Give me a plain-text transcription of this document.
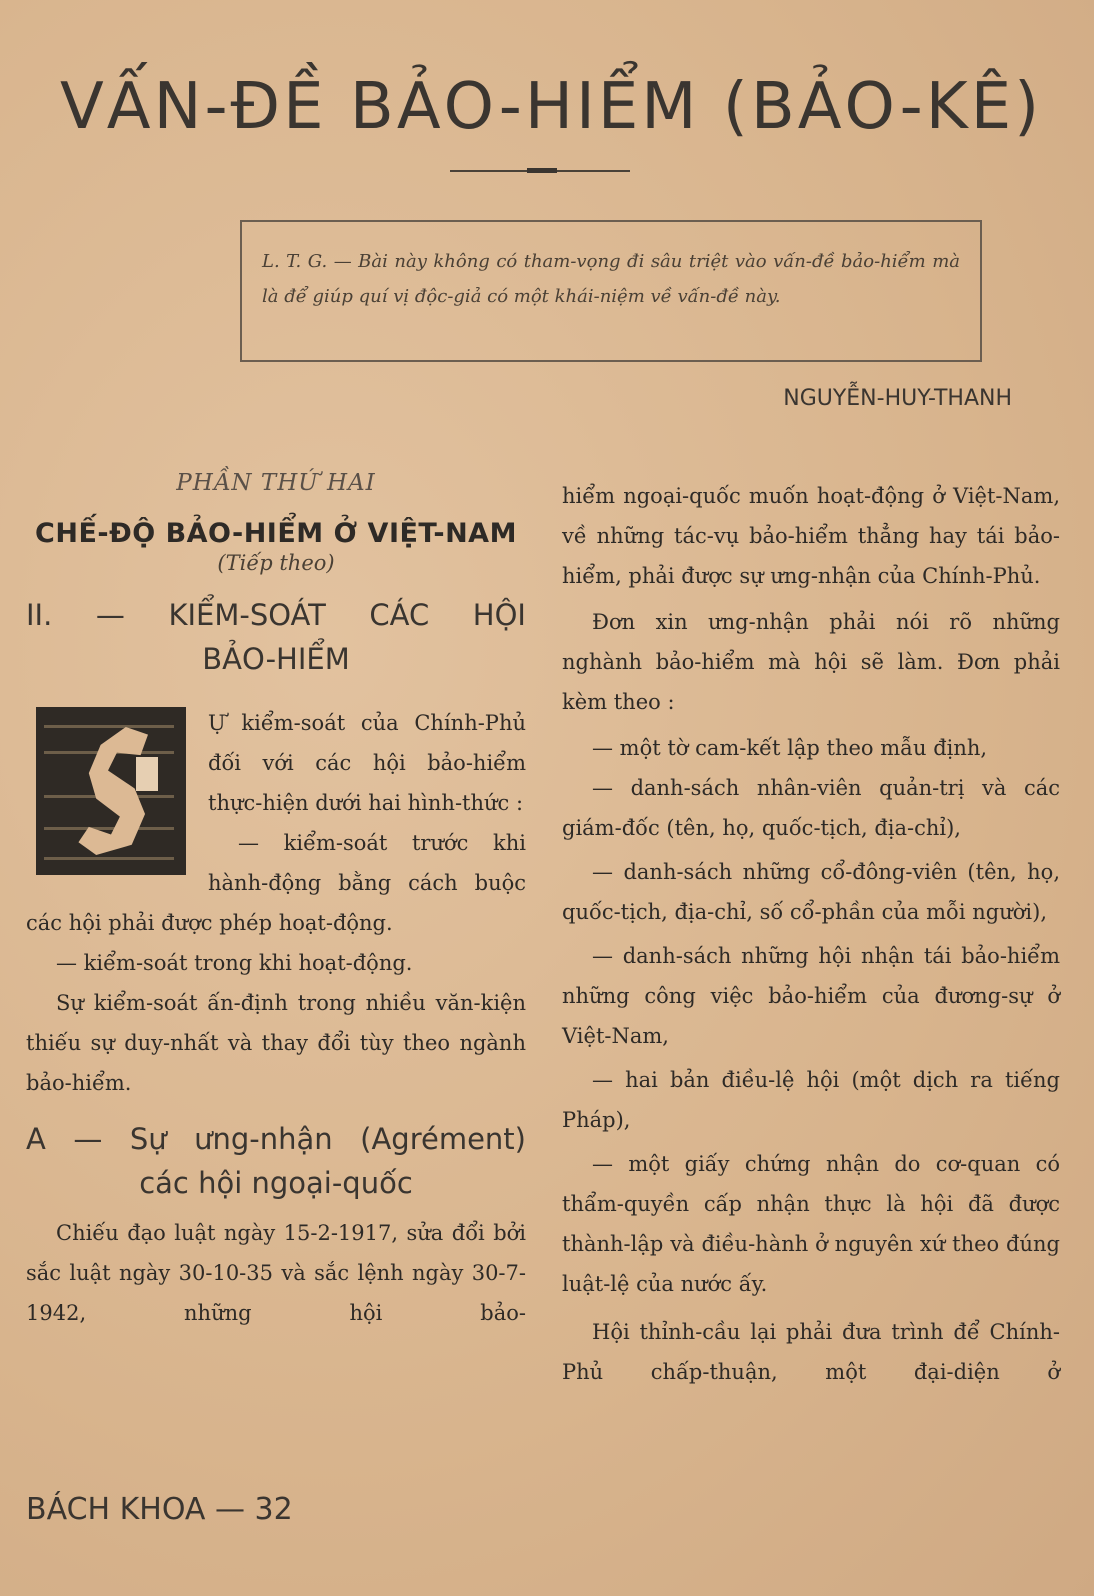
VẤN-ĐỀ BẢO-HIỂM (BẢO-KÊ)
L. T. G. — Bài này không có tham-vọng đi sâu triệt vào vấn-đề bảo-hiểm mà là để giúp quí vị độc-giả có một khái-niệm về vấn-đề này.
NGUYỄN-HUY-THANH
PHẦN THỨ HAI
CHẾ-ĐỘ BẢO-HIỂM Ở VIỆT-NAM
(Tiếp theo)
II. — KIỂM-SOÁT CÁC HỘI
BẢO-HIỂM

Ự kiểm-soát của Chính-Phủ đối với các hội bảo-hiểm thực-hiện dưới hai hình-thức :

— kiểm-soát trước khi hành-động bằng cách buộc các hội phải được phép hoạt-động.

— kiểm-soát trong khi hoạt-động.

Sự kiểm-soát ấn-định trong nhiều văn-kiện thiếu sự duy-nhất và thay đổi tùy theo ngành bảo-hiểm.

A — Sự ưng-nhận (Agrément)
các hội ngoại-quốc

Chiếu đạo luật ngày 15-2-1917, sửa đổi bởi sắc luật ngày 30-10-35 và sắc lệnh ngày 30-7-1942, những hội bảo-

hiểm ngoại-quốc muốn hoạt-động ở Việt-Nam, về những tác-vụ bảo-hiểm thẳng hay tái bảo-hiểm, phải được sự ưng-nhận của Chính-Phủ.

Đơn xin ưng-nhận phải nói rõ những nghành bảo-hiểm mà hội sẽ làm. Đơn phải kèm theo :

— một tờ cam-kết lập theo mẫu định,

— danh-sách nhân-viên quản-trị và các giám-đốc (tên, họ, quốc-tịch, địa-chỉ),

— danh-sách những cổ-đông-viên (tên, họ, quốc-tịch, địa-chỉ, số cổ-phần của mỗi người),

— danh-sách những hội nhận tái bảo-hiểm những công việc bảo-hiểm của đương-sự ở Việt-Nam,

— hai bản điều-lệ hội (một dịch ra tiếng Pháp),

— một giấy chứng nhận do cơ-quan có thẩm-quyền cấp nhận thực là hội đã được thành-lập và điều-hành ở nguyên xứ theo đúng luật-lệ của nước ấy.

Hội thỉnh-cầu lại phải đưa trình để Chính-Phủ chấp-thuận, một đại-diện ở

BÁCH KHOA — 32
